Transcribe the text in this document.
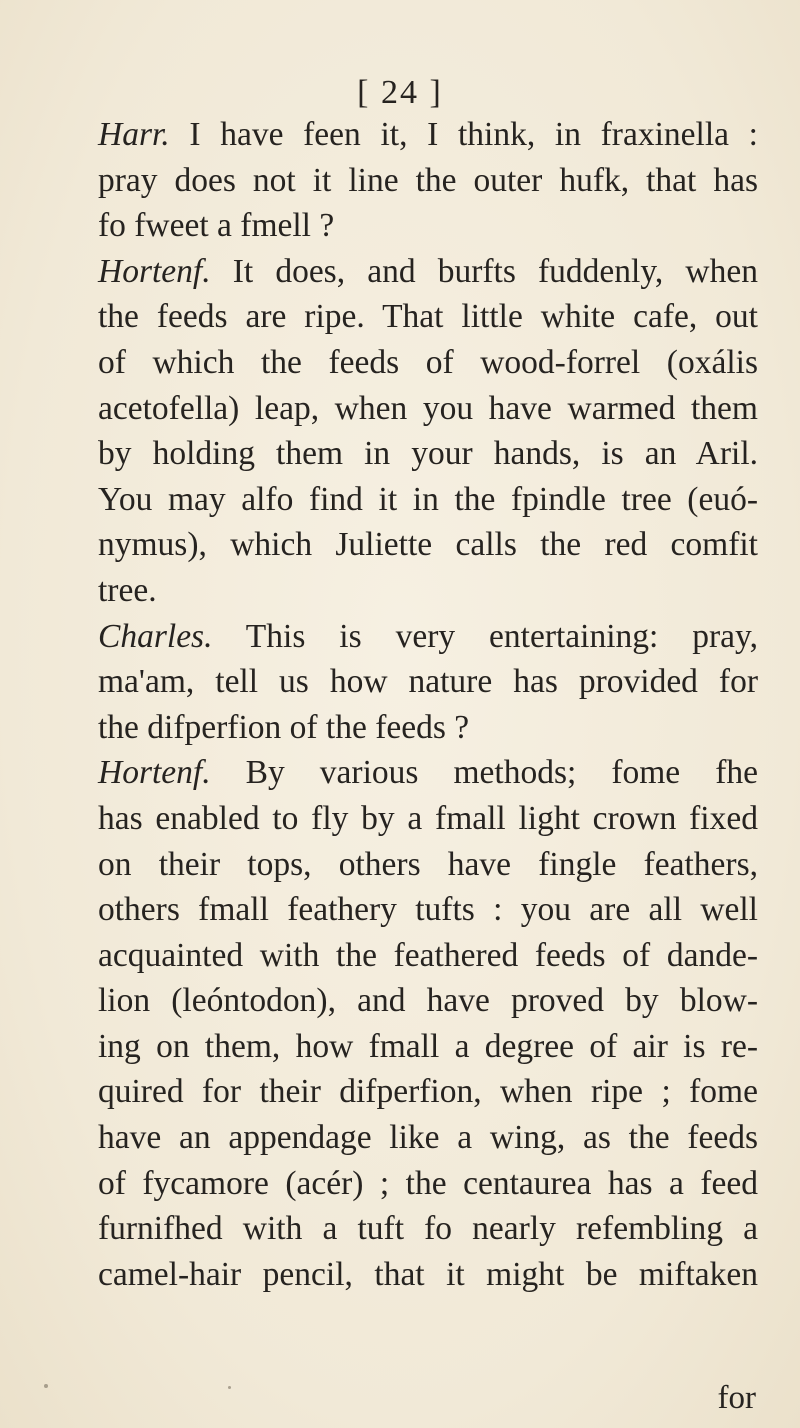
[ 24 ]
Harr. I have feen it, I think, in fraxinella :
pray does not it line the outer hufk, that has
fo fweet a fmell ?
Hortenf. It does, and burfts fuddenly, when
the feeds are ripe. That little white cafe, out
of which the feeds of wood-forrel (oxális
acetofella) leap, when you have warmed them
by holding them in your hands, is an Aril.
You may alfo find it in the fpindle tree (euó-
nymus), which Juliette calls the red comfit
tree.
Charles. This is very entertaining: pray,
ma'am, tell us how nature has provided for
the difperfion of the feeds ?
Hortenf. By various methods; fome fhe
has enabled to fly by a fmall light crown fixed
on their tops, others have fingle feathers,
others fmall feathery tufts : you are all well
acquainted with the feathered feeds of dande-
lion (leóntodon), and have proved by blow-
ing on them, how fmall a degree of air is re-
quired for their difperfion, when ripe ; fome
have an appendage like a wing, as the feeds
of fycamore (acér) ; the centaurea has a feed
furnifhed with a tuft fo nearly refembling a
camel-hair pencil, that it might be miftaken
for
